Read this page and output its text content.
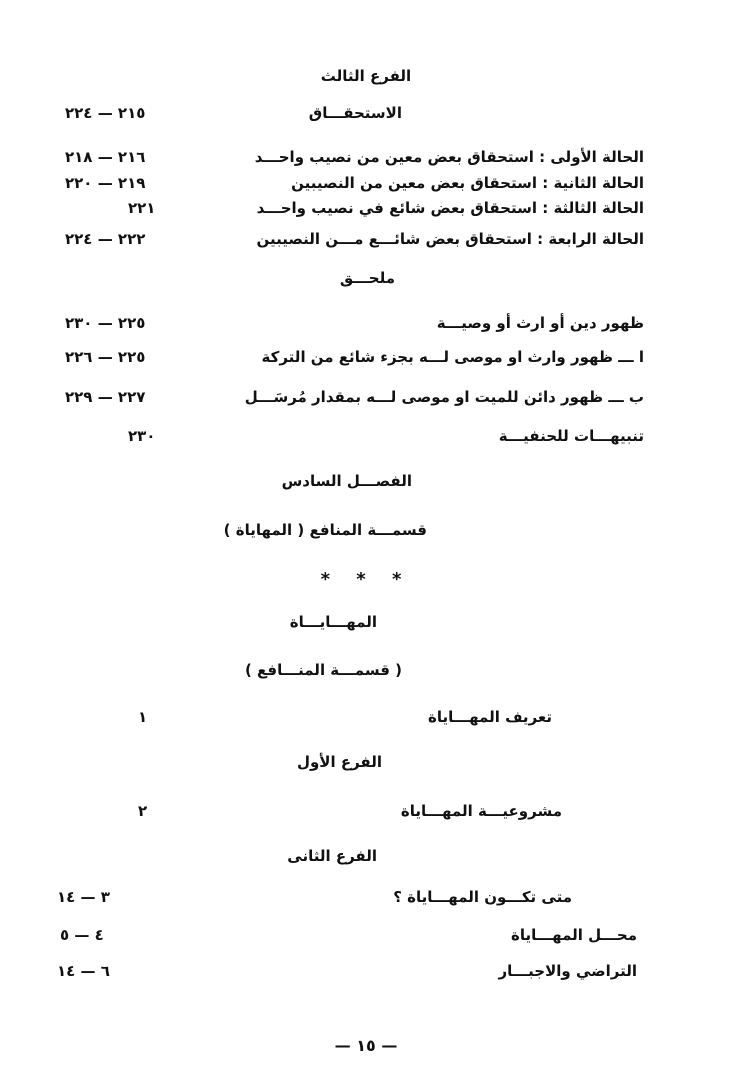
الفرع الثالث
الاستحقـــاق
٢١٥ — ٢٢٤
الحالة الأولى : استحقاق بعض معين من نصيب واحـــد
٢١٦ — ٢١٨
الحالة الثانية : استحقاق بعض معين من النصيبين
٢١٩ — ٢٢٠
الحالة الثالثة : استحقاق بعض شائع في نصيب واحـــد
٢٢١
الحالة الرابعة : استحقاق بعض شائـــع مـــن النصيبين
٢٢٢ — ٢٢٤
ملحـــق
ظهور دين أو ارث أو وصيـــة
٢٢٥ — ٢٣٠
ا ـــ ظهور وارث او موصى لـــه بجزء شائع من التركة
٢٢٥ — ٢٢٦
ب ـــ ظهور دائن للميت او موصى لـــه بمقدار مُرسَـــل
٢٢٧ — ٢٢٩
تنبيهـــات للحنفيـــة
٢٣٠
الفصـــل السادس
قسمـــة المنافع ( المهاياة )
* * *
المهـــايـــاة
( قسمـــة المنـــافع )
تعريف المهـــاياة
١
الفرع الأول
مشروعيـــة المهـــاياة
٢
الفرع الثانى
متى تكـــون المهـــاياة ؟
٣ — ١٤
محـــل المهـــاياة
٤ — ٥
التراضي والاجبـــار
٦ — ١٤
— ١٥ —
